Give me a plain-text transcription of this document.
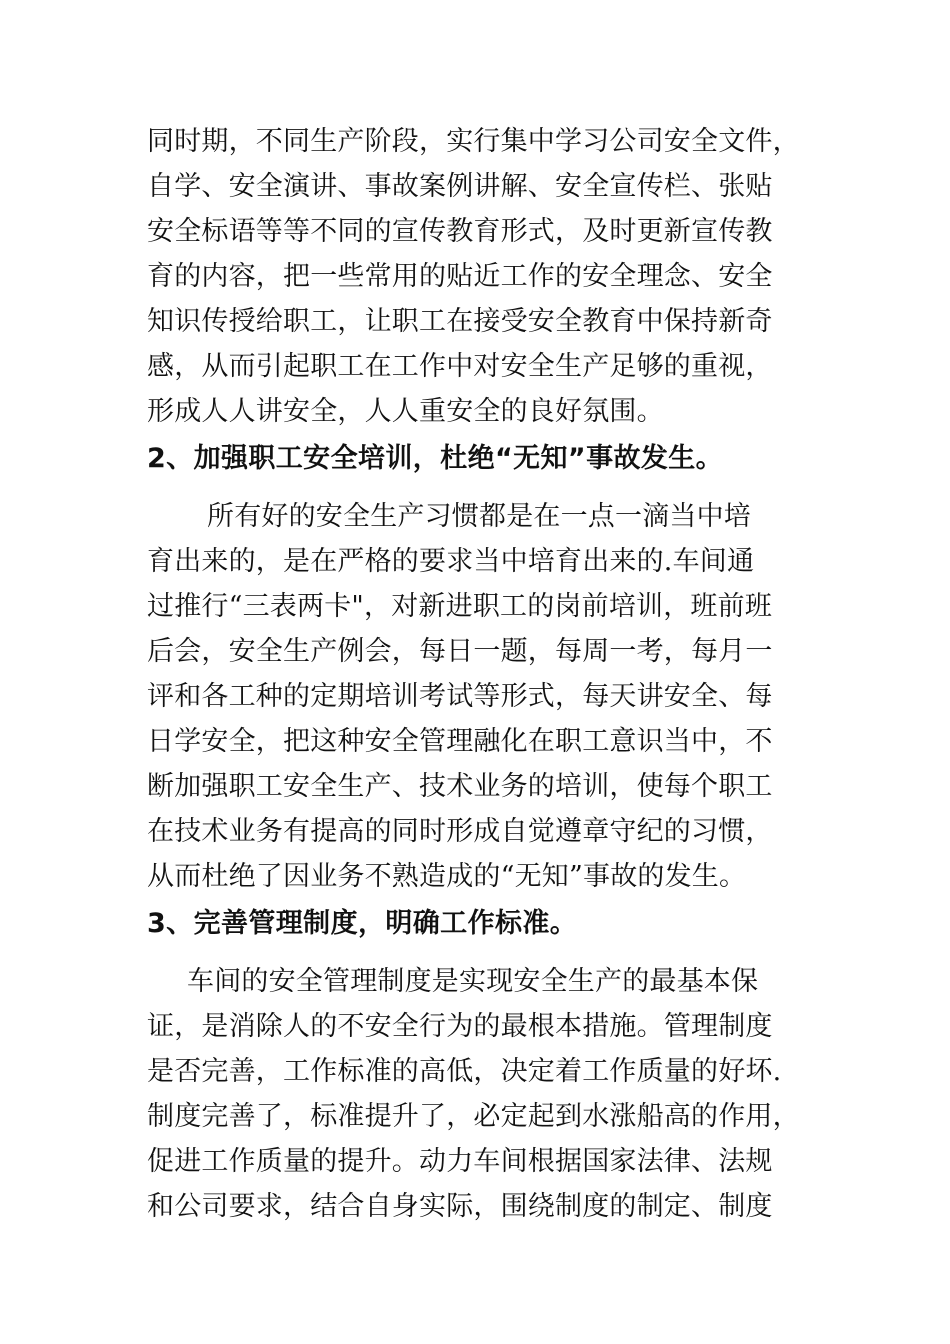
同时期，不同生产阶段，实行集中学习公司安全文件，
自学、安全演讲、事故案例讲解、安全宣传栏、张贴
安全标语等等不同的宣传教育形式，及时更新宣传教
育的内容，把一些常用的贴近工作的安全理念、安全
知识传授给职工，让职工在接受安全教育中保持新奇
感，从而引起职工在工作中对安全生产足够的重视，
形成人人讲安全，人人重安全的良好氛围。
2、加强职工安全培训，杜绝“无知”事故发生。
所有好的安全生产习惯都是在一点一滴当中培
育出来的，是在严格的要求当中培育出来的.车间通
过推行“三表两卡"，对新进职工的岗前培训，班前班
后会，安全生产例会，每日一题，每周一考，每月一
评和各工种的定期培训考试等形式，每天讲安全、每
日学安全，把这种安全管理融化在职工意识当中，不
断加强职工安全生产、技术业务的培训，使每个职工
在技术业务有提高的同时形成自觉遵章守纪的习惯，
从而杜绝了因业务不熟造成的“无知”事故的发生。
3、完善管理制度，明确工作标准。
车间的安全管理制度是实现安全生产的最基本保
证，是消除人的不安全行为的最根本措施。管理制度
是否完善，工作标准的高低，决定着工作质量的好坏.
制度完善了，标准提升了，必定起到水涨船高的作用，
促进工作质量的提升。动力车间根据国家法律、法规
和公司要求，结合自身实际，围绕制度的制定、制度
